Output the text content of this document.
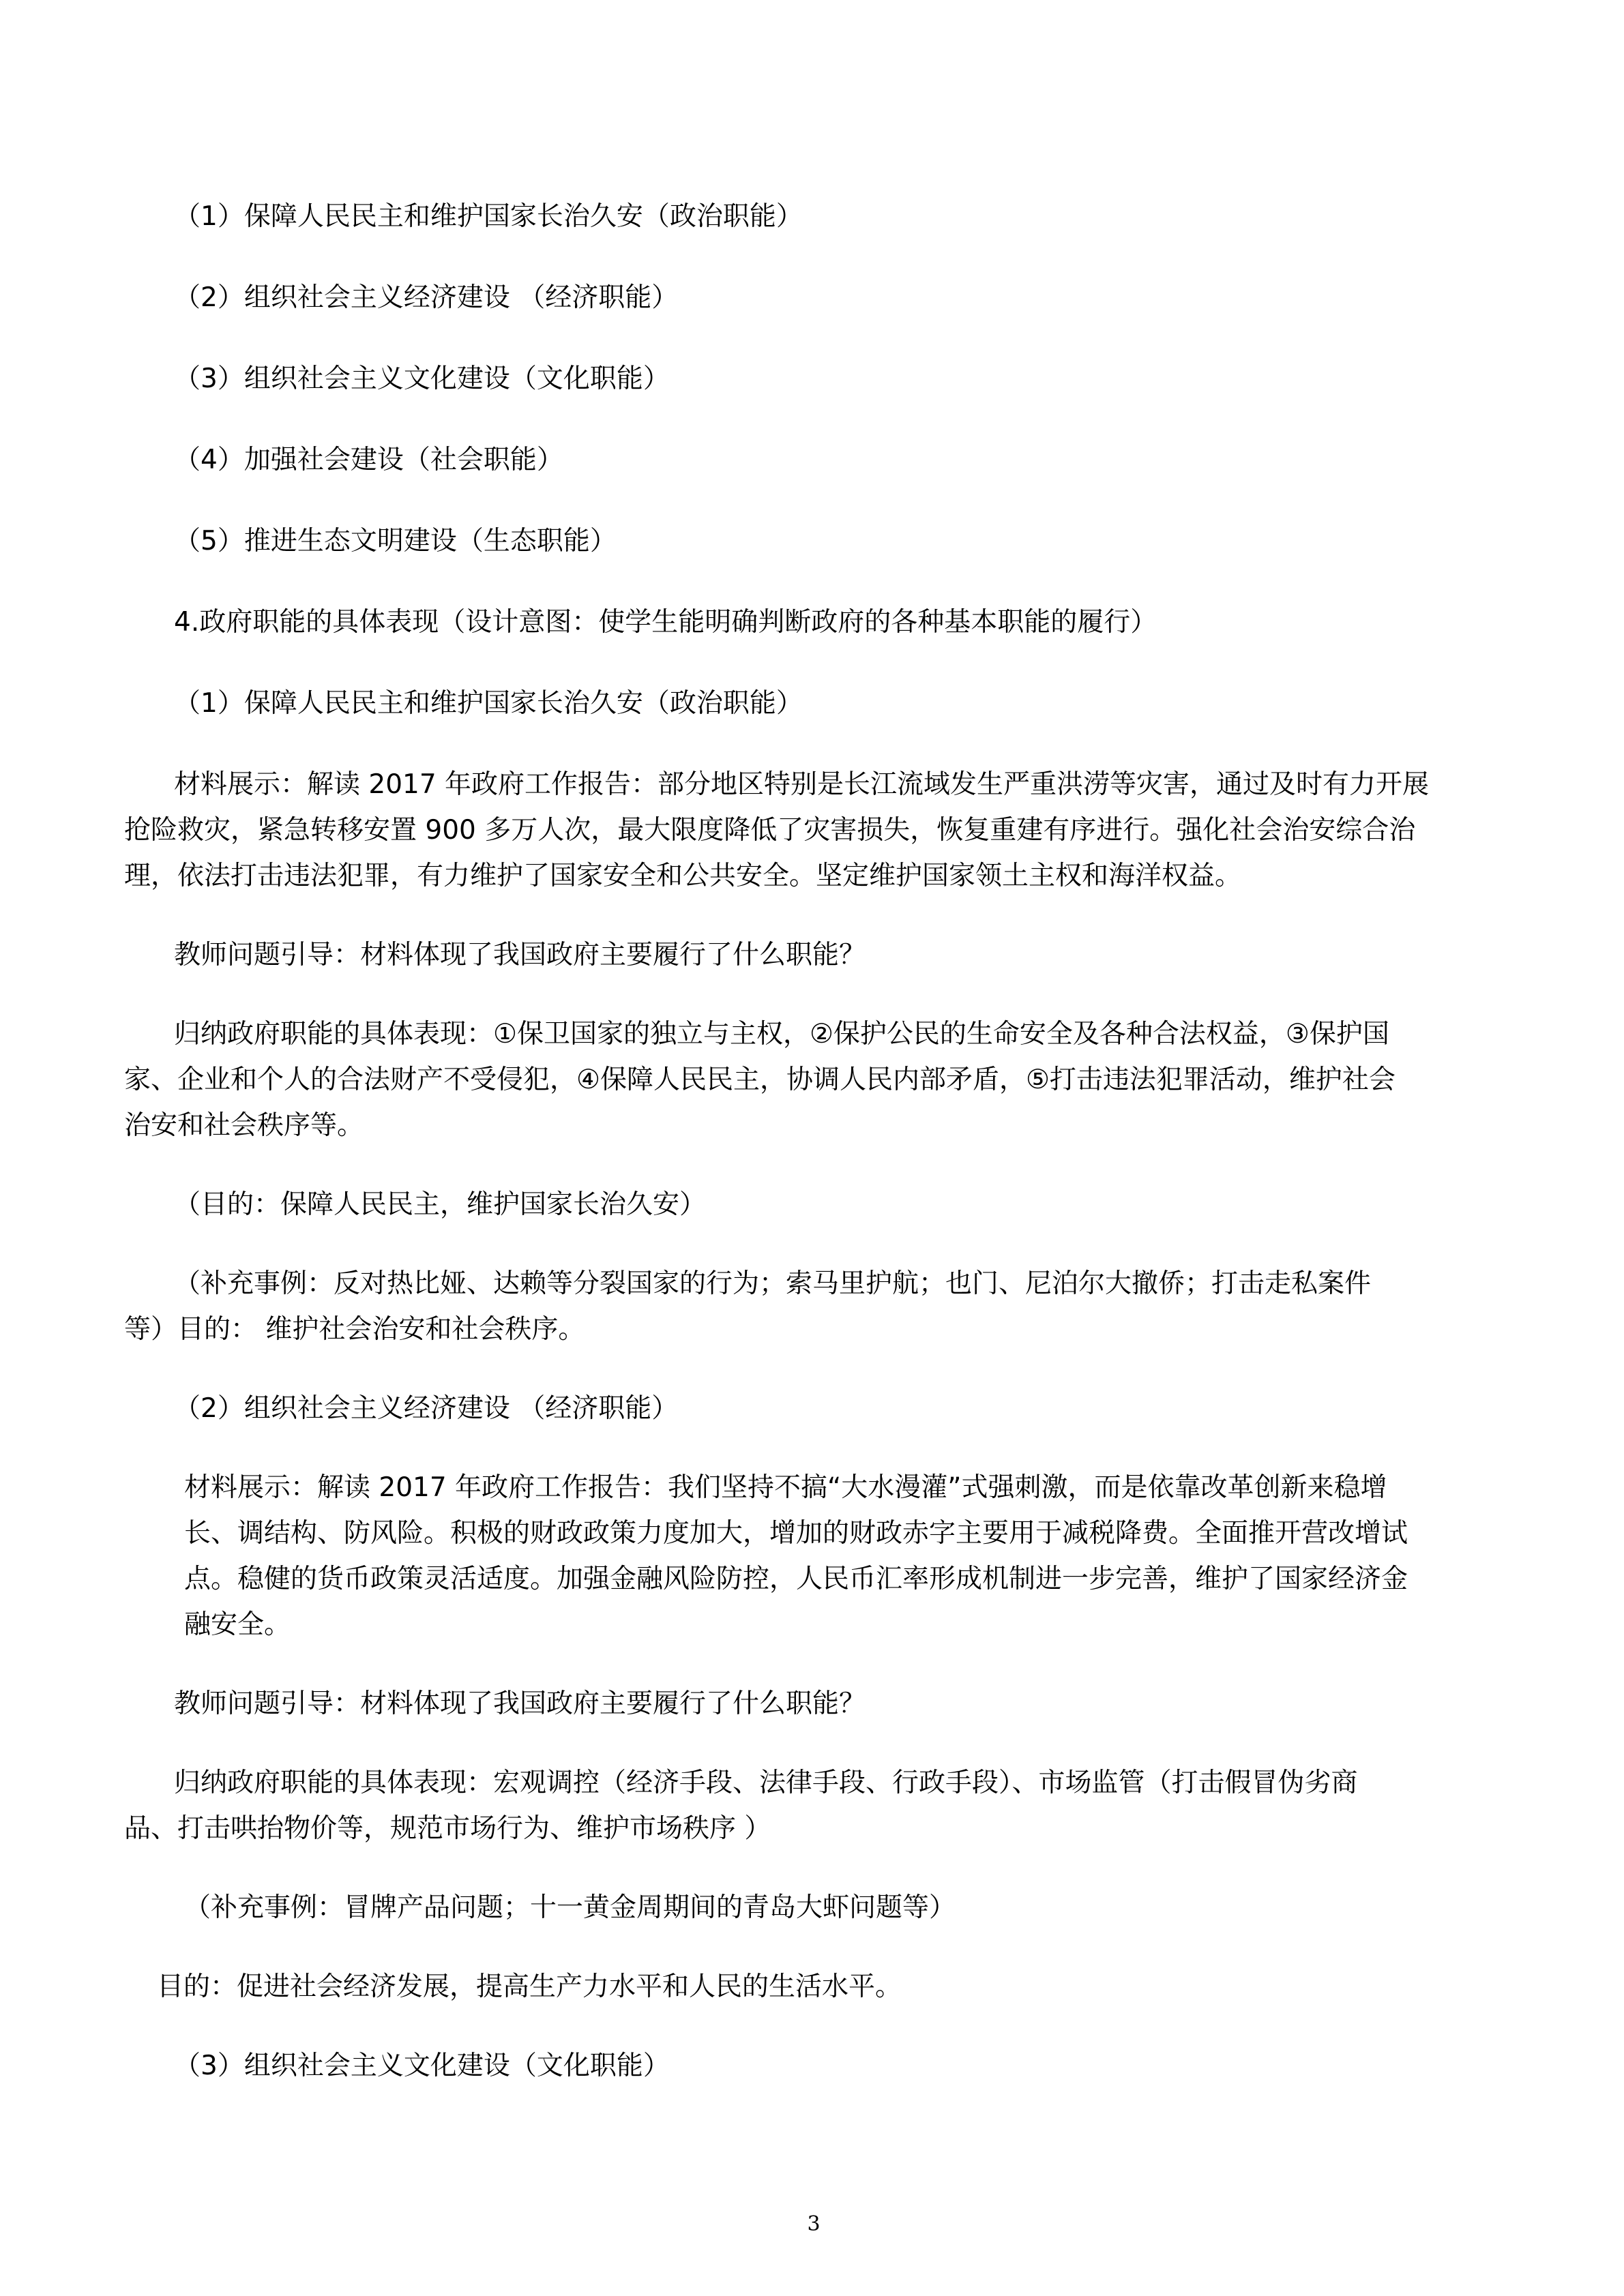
（1）保障人民民主和维护国家长治久安（政治职能）
（2）组织社会主义经济建设 （经济职能）
（3）组织社会主义文化建设（文化职能）
（4）加强社会建设（社会职能）
（5）推进生态文明建设（生态职能）
4.政府职能的具体表现（设计意图：使学生能明确判断政府的各种基本职能的履行）
（1）保障人民民主和维护国家长治久安（政治职能）
材料展示：解读 2017 年政府工作报告：部分地区特别是长江流域发生严重洪涝等灾害，通过及时有力开展
抢险救灾，紧急转移安置 900 多万人次，最大限度降低了灾害损失，恢复重建有序进行。强化社会治安综合治
理，依法打击违法犯罪，有力维护了国家安全和公共安全。坚定维护国家领土主权和海洋权益。
教师问题引导：材料体现了我国政府主要履行了什么职能？
归纳政府职能的具体表现：①保卫国家的独立与主权，②保护公民的生命安全及各种合法权益，③保护国
家、企业和个人的合法财产不受侵犯，④保障人民民主，协调人民内部矛盾，⑤打击违法犯罪活动，维护社会
治安和社会秩序等。
（目的：保障人民民主，维护国家长治久安）
（补充事例：反对热比娅、达赖等分裂国家的行为；索马里护航；也门、尼泊尔大撤侨；打击走私案件
等）目的： 维护社会治安和社会秩序。
（2）组织社会主义经济建设 （经济职能）
材料展示：解读 2017 年政府工作报告：我们坚持不搞“大水漫灌”式强刺激，而是依靠改革创新来稳增
长、调结构、防风险。积极的财政政策力度加大，增加的财政赤字主要用于减税降费。全面推开营改增试
点。稳健的货币政策灵活适度。加强金融风险防控，人民币汇率形成机制进一步完善，维护了国家经济金
融安全。
教师问题引导：材料体现了我国政府主要履行了什么职能？
归纳政府职能的具体表现：宏观调控（经济手段、法律手段、行政手段）、市场监管（打击假冒伪劣商
品、打击哄抬物价等，规范市场行为、维护市场秩序 ）
（补充事例：冒牌产品问题；十一黄金周期间的青岛大虾问题等）
目的：促进社会经济发展，提高生产力水平和人民的生活水平。
（3）组织社会主义文化建设（文化职能）
3
